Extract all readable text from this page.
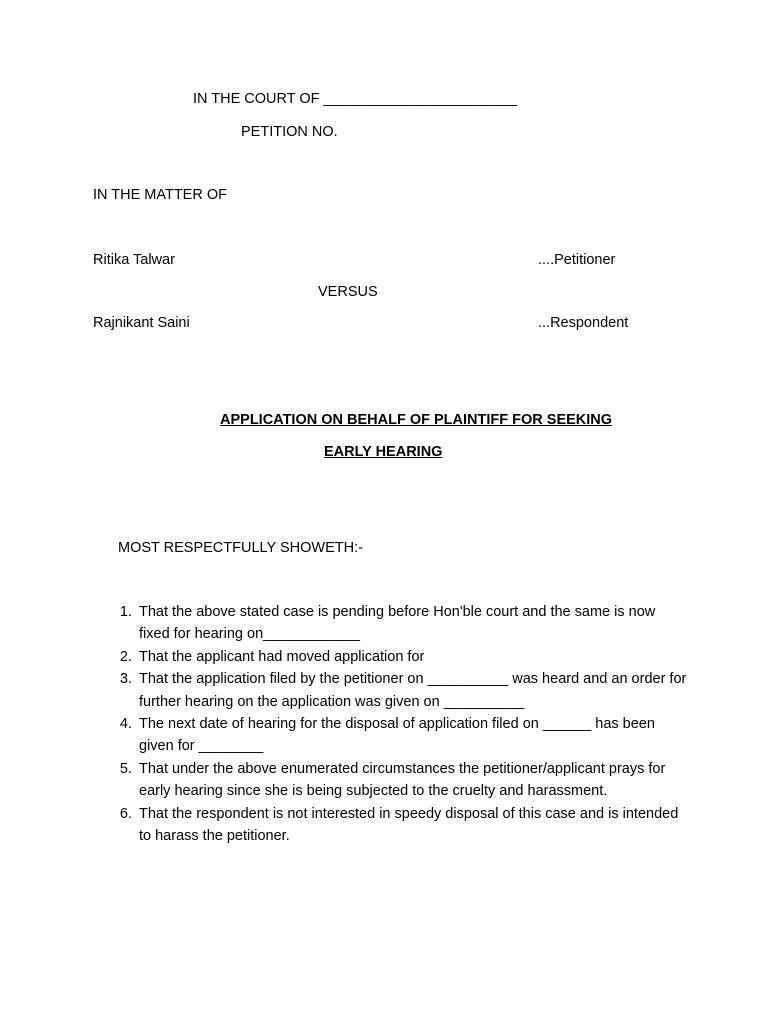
IN THE COURT OF ________________________
PETITION NO.
IN THE MATTER OF
Ritika Talwar	....Petitioner
VERSUS
Rajnikant Saini	...Respondent
APPLICATION ON BEHALF OF PLAINTIFF FOR SEEKING
EARLY HEARING
MOST RESPECTFULLY SHOWETH:-
1. That the above stated case is pending before Hon'ble court and the same is now fixed for hearing on____________
2. That the applicant had moved application for
3. That the application filed by the petitioner on __________ was heard and an order for further hearing on the application was given on __________
4. The next date of hearing for the disposal of application filed on ______ has been given for ________
5. That under the above enumerated circumstances the petitioner/applicant prays for early hearing since she is being subjected to the cruelty and harassment.
6. That the respondent is not interested in speedy disposal of this case and is intended to harass the petitioner.
